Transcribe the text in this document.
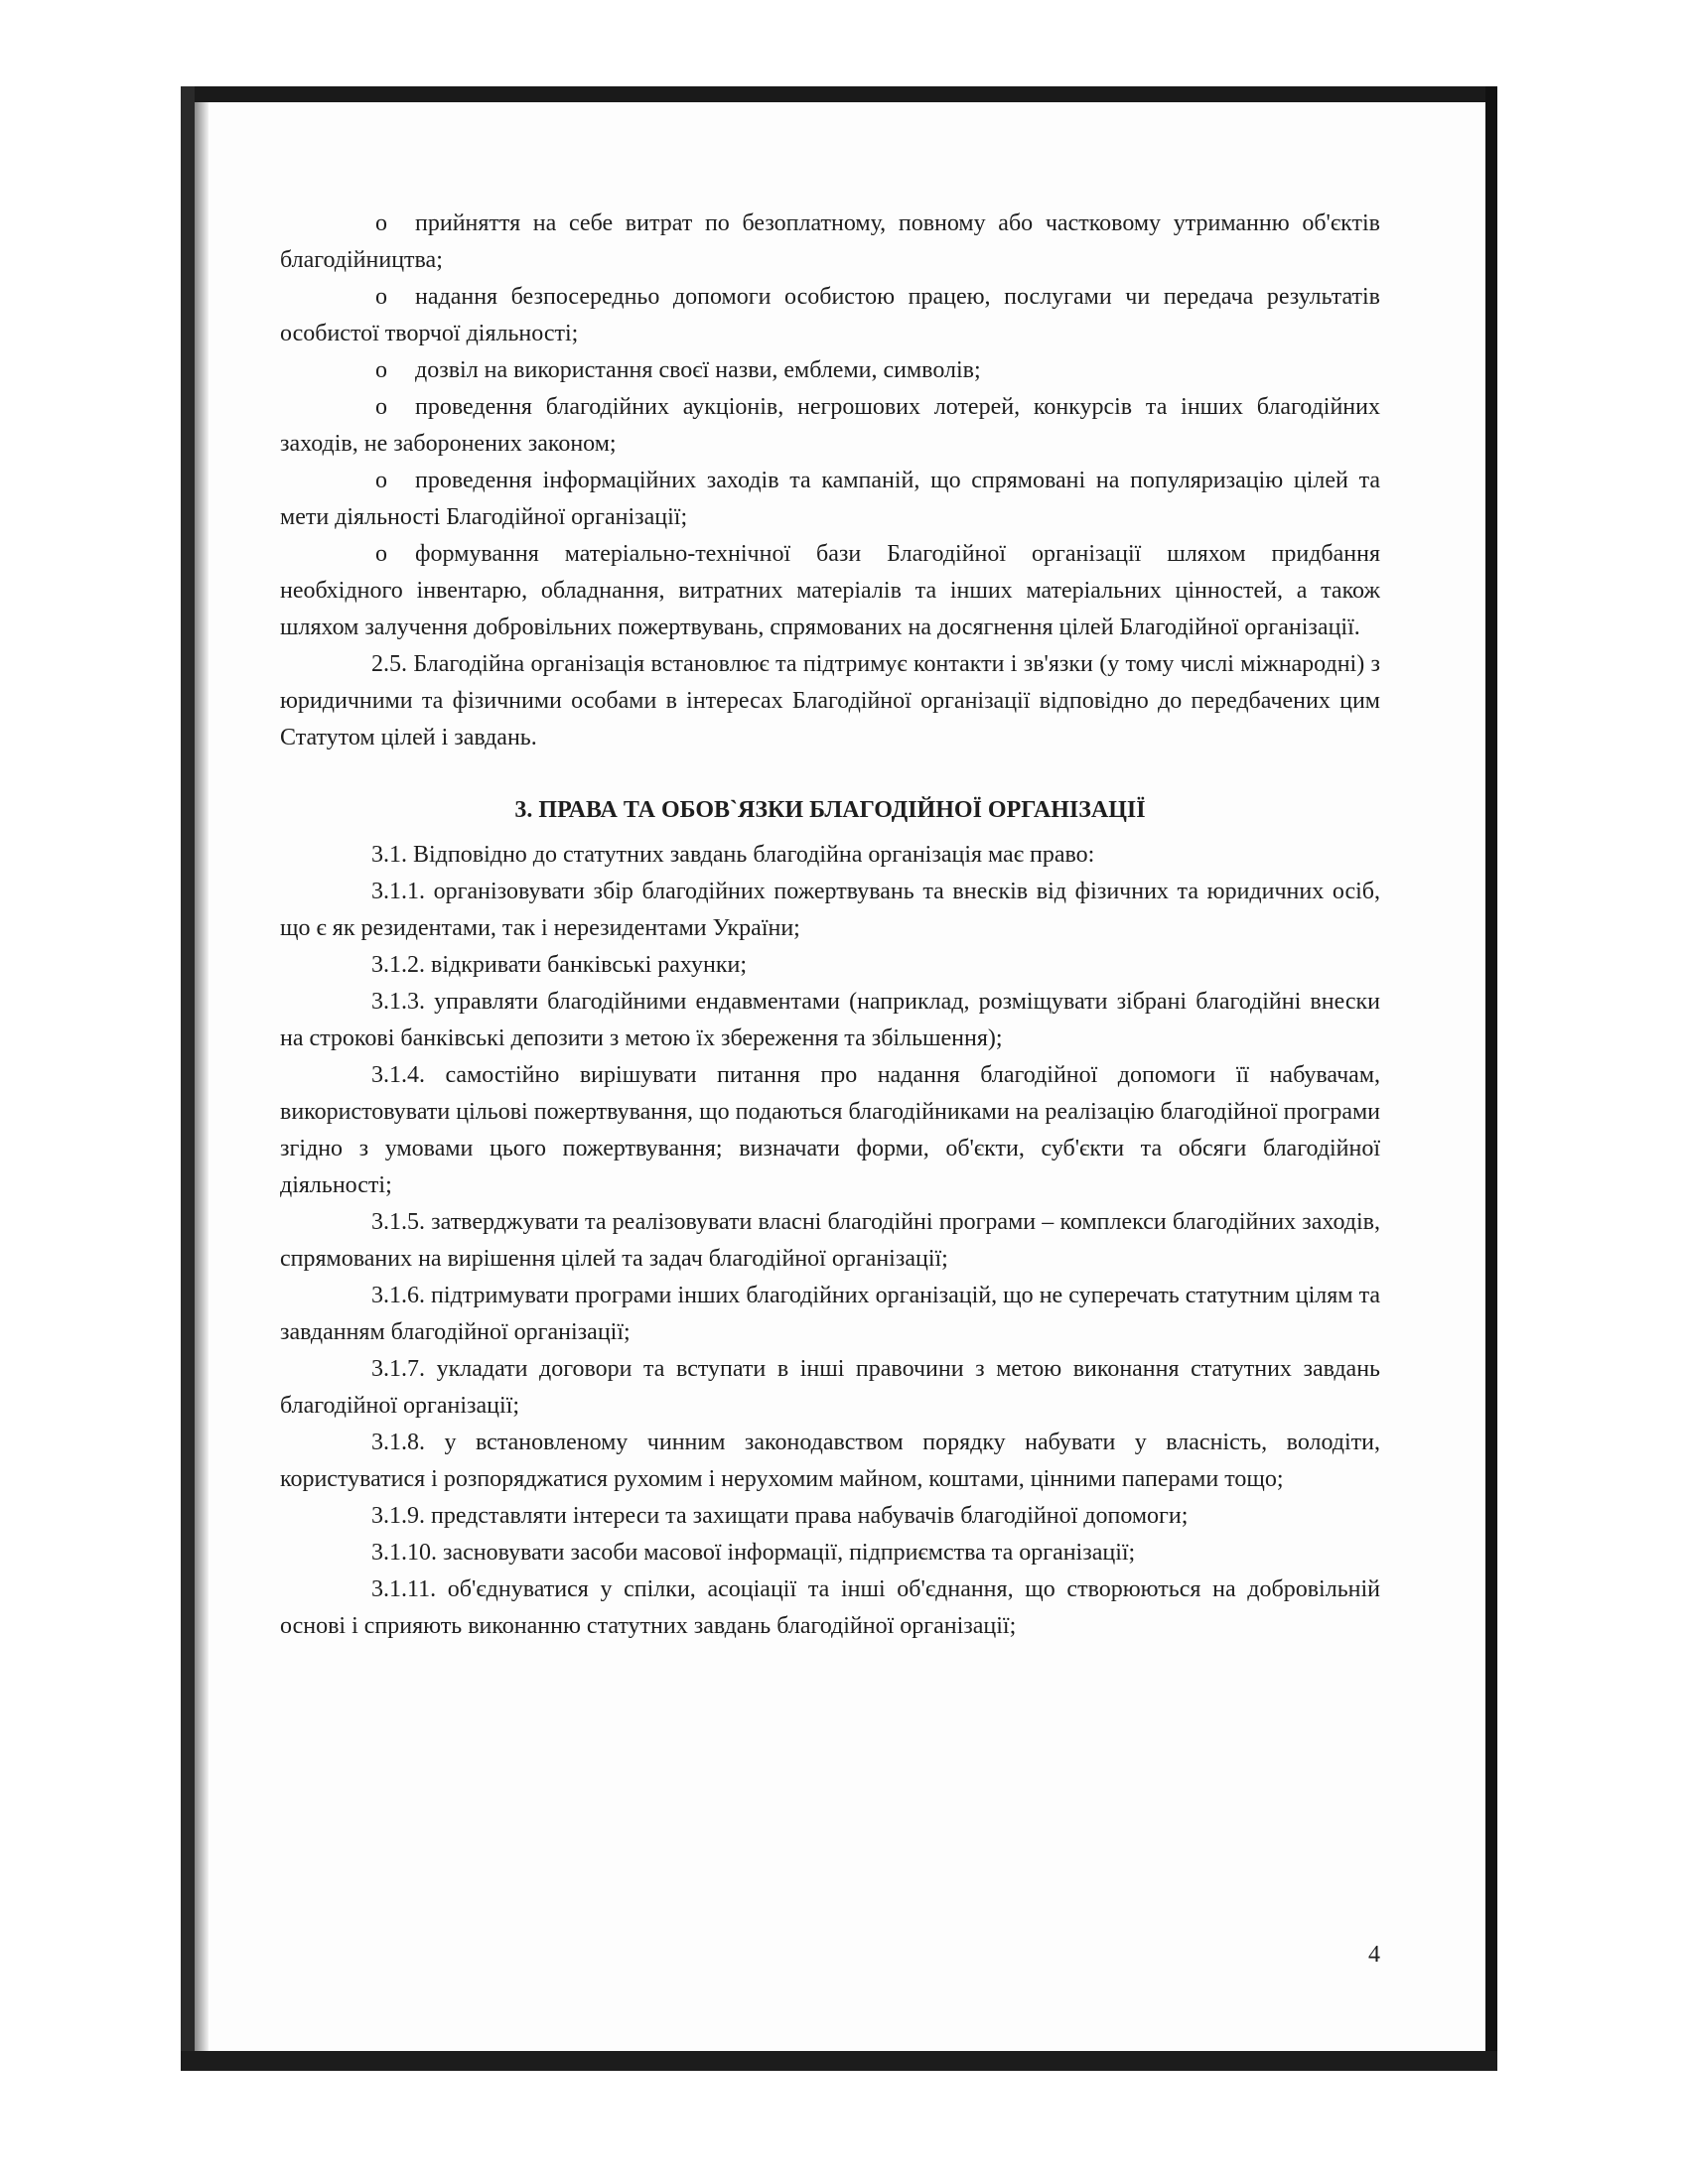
o прийняття на себе витрат по безоплатному, повному або частковому утриманню об'єктів благодійництва;

o надання безпосередньо допомоги особистою працею, послугами чи передача результатів особистої творчої діяльності;

o дозвіл на використання своєї назви, емблеми, символів;

o проведення благодійних аукціонів, негрошових лотерей, конкурсів та інших благодійних заходів, не заборонених законом;

o проведення інформаційних заходів та кампаній, що спрямовані на популяризацію цілей та мети діяльності Благодійної організації;

o формування матеріально-технічної бази Благодійної організації шляхом придбання необхідного інвентарю, обладнання, витратних матеріалів та інших матеріальних цінностей, а також шляхом залучення добровільних пожертвувань, спрямованих на досягнення цілей Благодійної організації.

2.5. Благодійна організація встановлює та підтримує контакти і зв'язки (у тому числі міжнародні) з юридичними та фізичними особами в інтересах Благодійної організації відповідно до передбачених цим Статутом цілей і завдань.

3. ПРАВА ТА ОБОВ`ЯЗКИ БЛАГОДІЙНОЇ ОРГАНІЗАЦІЇ

3.1. Відповідно до статутних завдань благодійна організація має право:

3.1.1. організовувати збір благодійних пожертвувань та внесків від фізичних та юридичних осіб, що є як резидентами, так і нерезидентами України;

3.1.2. відкривати банківські рахунки;

3.1.3. управляти благодійними ендавментами (наприклад, розміщувати зібрані благодійні внески на строкові банківські депозити з метою їх збереження та збільшення);

3.1.4. самостійно вирішувати питання про надання благодійної допомоги її набувачам, використовувати цільові пожертвування, що подаються благодійниками на реалізацію благодійної програми згідно з умовами цього пожертвування; визначати форми, об'єкти, суб'єкти та обсяги благодійної діяльності;

3.1.5. затверджувати та реалізовувати власні благодійні програми – комплекси благодійних заходів, спрямованих на вирішення цілей та задач благодійної організації;

3.1.6. підтримувати програми інших благодійних організацій, що не суперечать статутним цілям та завданням благодійної організації;

3.1.7. укладати договори та вступати в інші правочини з метою виконання статутних завдань благодійної організації;

3.1.8. у встановленому чинним законодавством порядку набувати у власність, володіти, користуватися і розпоряджатися рухомим і нерухомим майном, коштами, цінними паперами тощо;

3.1.9. представляти інтереси та захищати права набувачів благодійної допомоги;

3.1.10. засновувати засоби масової інформації, підприємства та організації;

3.1.11. об'єднуватися у спілки, асоціації та інші об'єднання, що створюються на добровільній основі і сприяють виконанню статутних завдань благодійної організації;

4
